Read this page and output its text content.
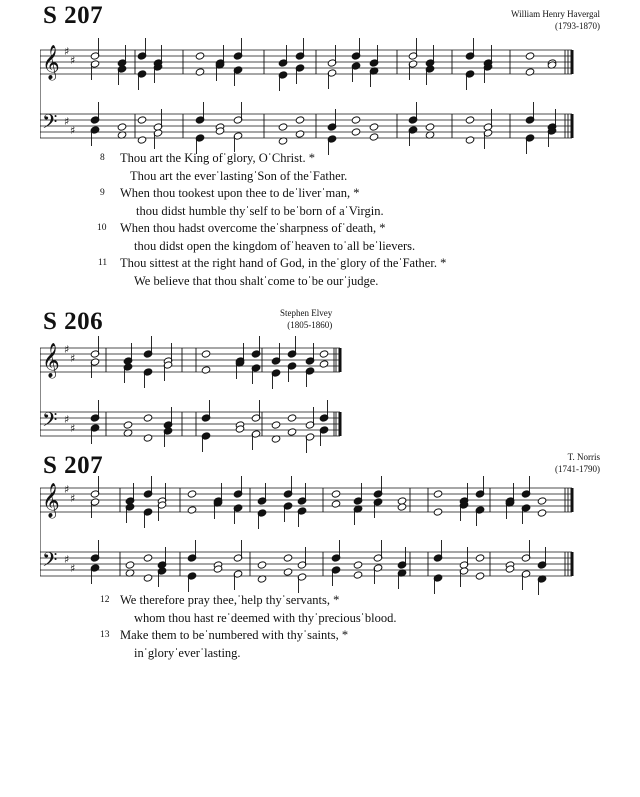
S 207	William Henry Havergal
(1793-1870)
𝄞 ♯
♯
𝄢 ♯
♯
8 Thou art the King ofˈglory, OˈChrist. *
Thou art the everˈlastingˈSon of theˈFather.
9 When thou tookest upon thee to deˈliverˈman, *
thou didst humble thyˈself to beˈborn of aˈVirgin.
10 When thou hadst overcome theˈsharpness ofˈdeath, *
thou didst open the kingdom ofˈheaven toˈall beˈlievers.
11 Thou sittest at the right hand of God, in theˈglory of theˈFather. *
We believe that thou shaltˈcome toˈbe ourˈjudge.
S 206	Stephen Elvey
(1805-1860)
𝄞 ♯
♯
𝄢 ♯
♯
S 207	T. Norris
(1741-1790)
𝄞 ♯
♯
𝄢 ♯
♯
12 We therefore pray thee,ˈhelp thyˈservants, *
whom thou hast reˈdeemed with thyˈpreciousˈblood.
13 Make them to beˈnumbered with thyˈsaints, *
inˈgloryˈeverˈlasting.
